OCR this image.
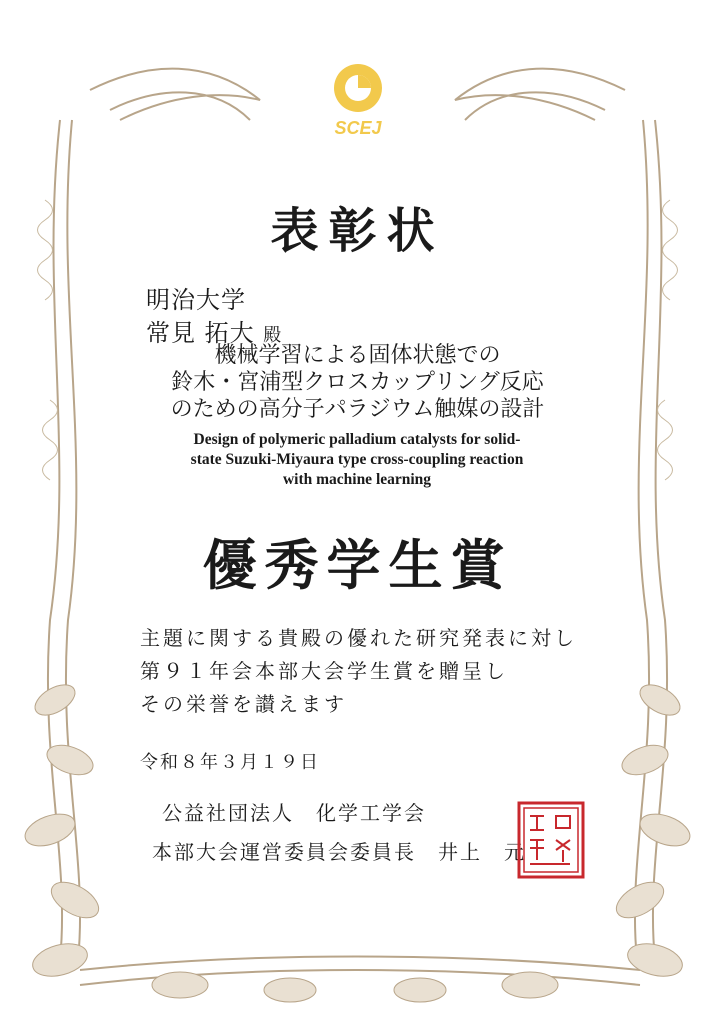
SCEJ
表彰状
明治大学
常見 拓大 殿
機械学習による固体状態での
鈴木・宮浦型クロスカップリング反応
のための高分子パラジウム触媒の設計
Design of polymeric palladium catalysts for solid-
state Suzuki-Miyaura type cross-coupling reaction
with machine learning
優秀学生賞
主題に関する貴殿の優れた研究発表に対し
第９１年会本部大会学生賞を贈呈し
その栄誉を讃えます
令和８年３月１９日
公益社団法人　化学工学会
本部大会運営委員会委員長　井上　元
